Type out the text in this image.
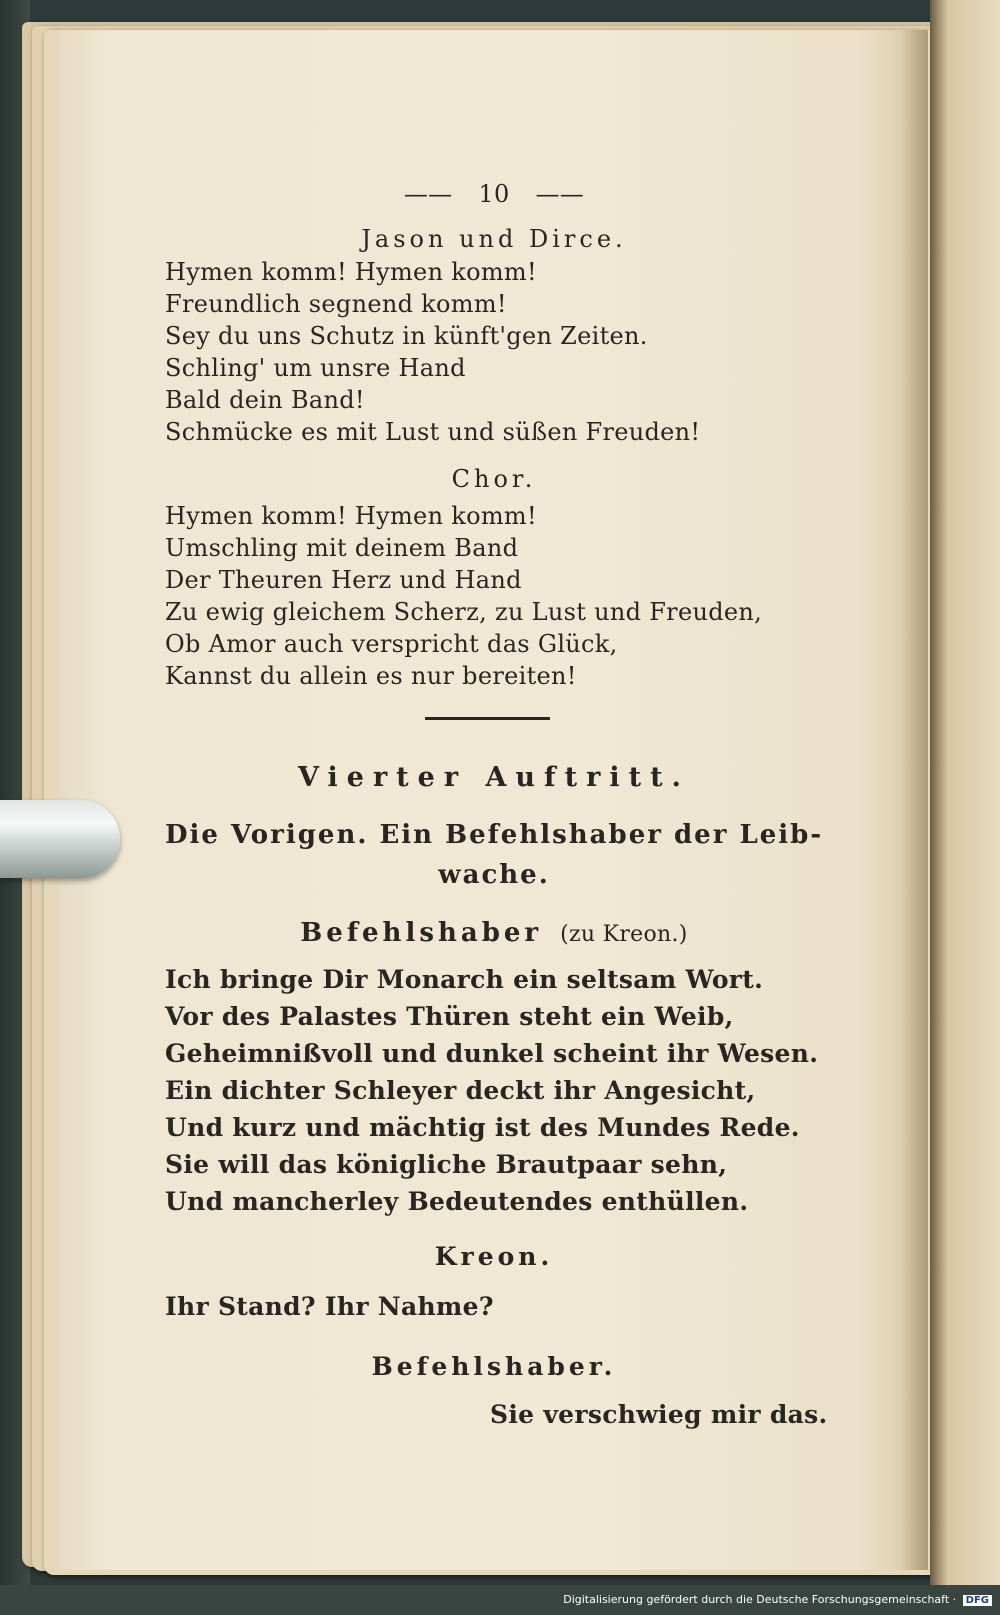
—— 10 ——
Jason und Dirce.
Hymen komm! Hymen komm!
Freundlich segnend komm!
Sey du uns Schutz in künft'gen Zeiten.
Schling' um unsre Hand
Bald dein Band!
Schmücke es mit Lust und süßen Freuden!
Chor.
Hymen komm! Hymen komm!
Umschling mit deinem Band
Der Theuren Herz und Hand
Zu ewig gleichem Scherz, zu Lust und Freuden,
Ob Amor auch verspricht das Glück,
Kannst du allein es nur bereiten!
Vierter Auftritt.
Die Vorigen. Ein Befehlshaber der Leib-
wache.
Befehlshaber (zu Kreon.)
Ich bringe Dir Monarch ein seltsam Wort.
Vor des Palastes Thüren steht ein Weib,
Geheimnißvoll und dunkel scheint ihr Wesen.
Ein dichter Schleyer deckt ihr Angesicht,
Und kurz und mächtig ist des Mundes Rede.
Sie will das königliche Brautpaar sehn,
Und mancherley Bedeutendes enthüllen.
Kreon.
Ihr Stand? Ihr Nahme?
Befehlshaber.
Sie verschwieg mir das.
Digitalisierung gefördert durch die Deutsche Forschungsgemeinschaft · DFG
